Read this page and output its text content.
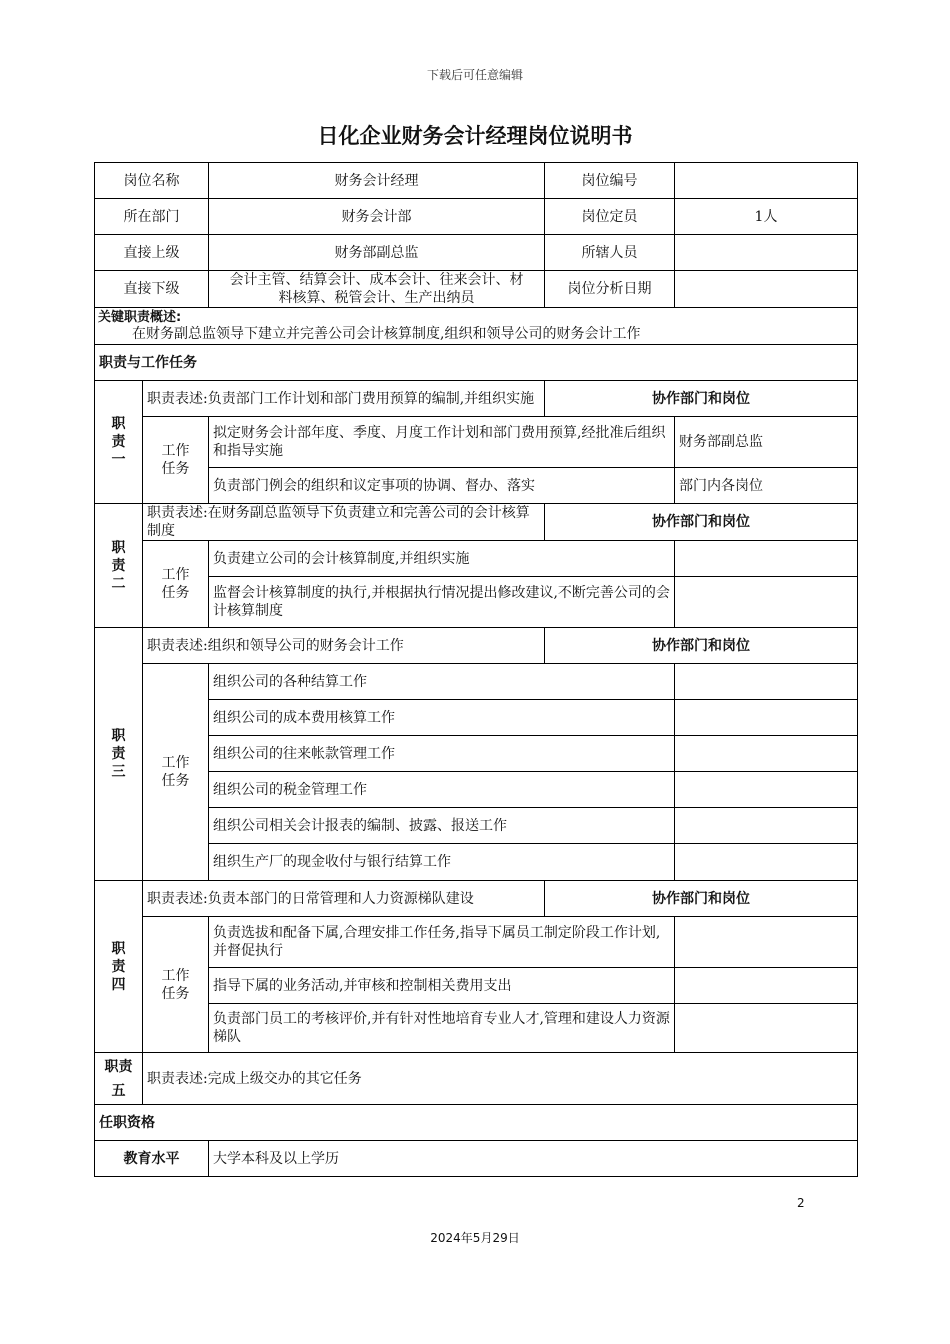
下载后可任意编辑
日化企业财务会计经理岗位说明书
岗位名称		财务会计经理	岗位编号	
所在部门		财务会计部	岗位定员	1人
直接上级		财务部副总监	所辖人员	
直接下级		会计主管、结算会计、成本会计、往来会计、材料核算、税管会计、生产出纳员	岗位分析日期	

关键职责概述:
在财务副总监领导下建立并完善公司会计核算制度,组织和领导公司的财务会计工作				

职责与工作任务				
职责一	职责表述:负责部门工作计划和部门费用预算的编制,并组织实施		协作部门和岗位	
	工作任务	拟定财务会计部年度、季度、月度工作计划和部门费用预算,经批准后组织和指导实施		财务部副总监
		负责部门例会的组织和议定事项的协调、督办、落实		部门内各岗位
职责二	职责表述:在财务副总监领导下负责建立和完善公司的会计核算制度		协作部门和岗位	
	工作任务	负责建立公司的会计核算制度,并组织实施		
		监督会计核算制度的执行,并根据执行情况提出修改建议,不断完善公司的会计核算制度		
职责三	职责表述:组织和领导公司的财务会计工作		协作部门和岗位	
	工作任务	组织公司的各种结算工作		
		组织公司的成本费用核算工作		
		组织公司的往来帐款管理工作		
		组织公司的税金管理工作		
		组织公司相关会计报表的编制、披露、报送工作		
		组织生产厂的现金收付与银行结算工作		
职责四	职责表述:负责本部门的日常管理和人力资源梯队建设		协作部门和岗位	
	工作任务	负责选拔和配备下属,合理安排工作任务,指导下属员工制定阶段工作计划,并督促执行		
		指导下属的业务活动,并审核和控制相关费用支出		
		负责部门员工的考核评价,并有针对性地培育专业人才,管理和建设人力资源梯队		
职责五	职责表述:完成上级交办的其它任务			
任职资格				
教育水平		大学本科及以上学历		
2
2024年5月29日
